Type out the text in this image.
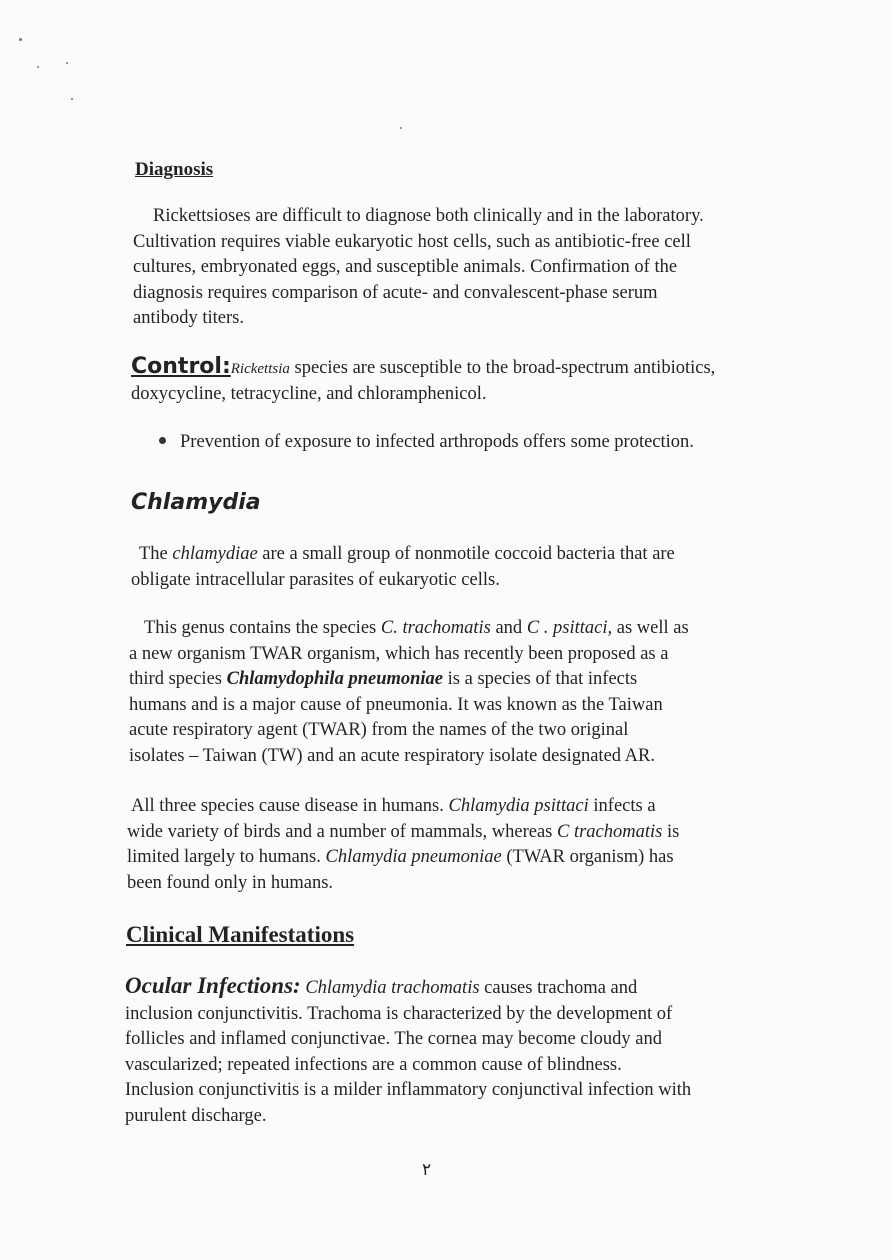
Diagnosis
Rickettsioses are difficult to diagnose both clinically and in the laboratory.
Cultivation requires viable eukaryotic host cells, such as antibiotic-free cell
cultures, embryonated eggs, and susceptible animals. Confirmation of the
diagnosis requires comparison of acute- and convalescent-phase serum
antibody titers.
Control:Rickettsia species are susceptible to the broad-spectrum antibiotics,
doxycycline, tetracycline, and chloramphenicol.
Prevention of exposure to infected arthropods offers some protection.
Chlamydia
The chlamydiae are a small group of nonmotile coccoid bacteria that are
obligate intracellular parasites of eukaryotic cells.
This genus contains the species C. trachomatis and C . psittaci, as well as
a new organism TWAR organism, which has recently been proposed as a
third species Chlamydophila pneumoniae is a species of that infects
humans and is a major cause of pneumonia. It was known as the Taiwan
acute respiratory agent (TWAR) from the names of the two original
isolates – Taiwan (TW) and an acute respiratory isolate designated AR.
All three species cause disease in humans. Chlamydia psittaci infects a
wide variety of birds and a number of mammals, whereas C trachomatis is
limited largely to humans. Chlamydia pneumoniae (TWAR organism) has
been found only in humans.
Clinical Manifestations
Ocular Infections: Chlamydia trachomatis causes trachoma and
inclusion conjunctivitis. Trachoma is characterized by the development of
follicles and inflamed conjunctivae. The cornea may become cloudy and
vascularized; repeated infections are a common cause of blindness.
Inclusion conjunctivitis is a milder inflammatory conjunctival infection with
purulent discharge.
٢
